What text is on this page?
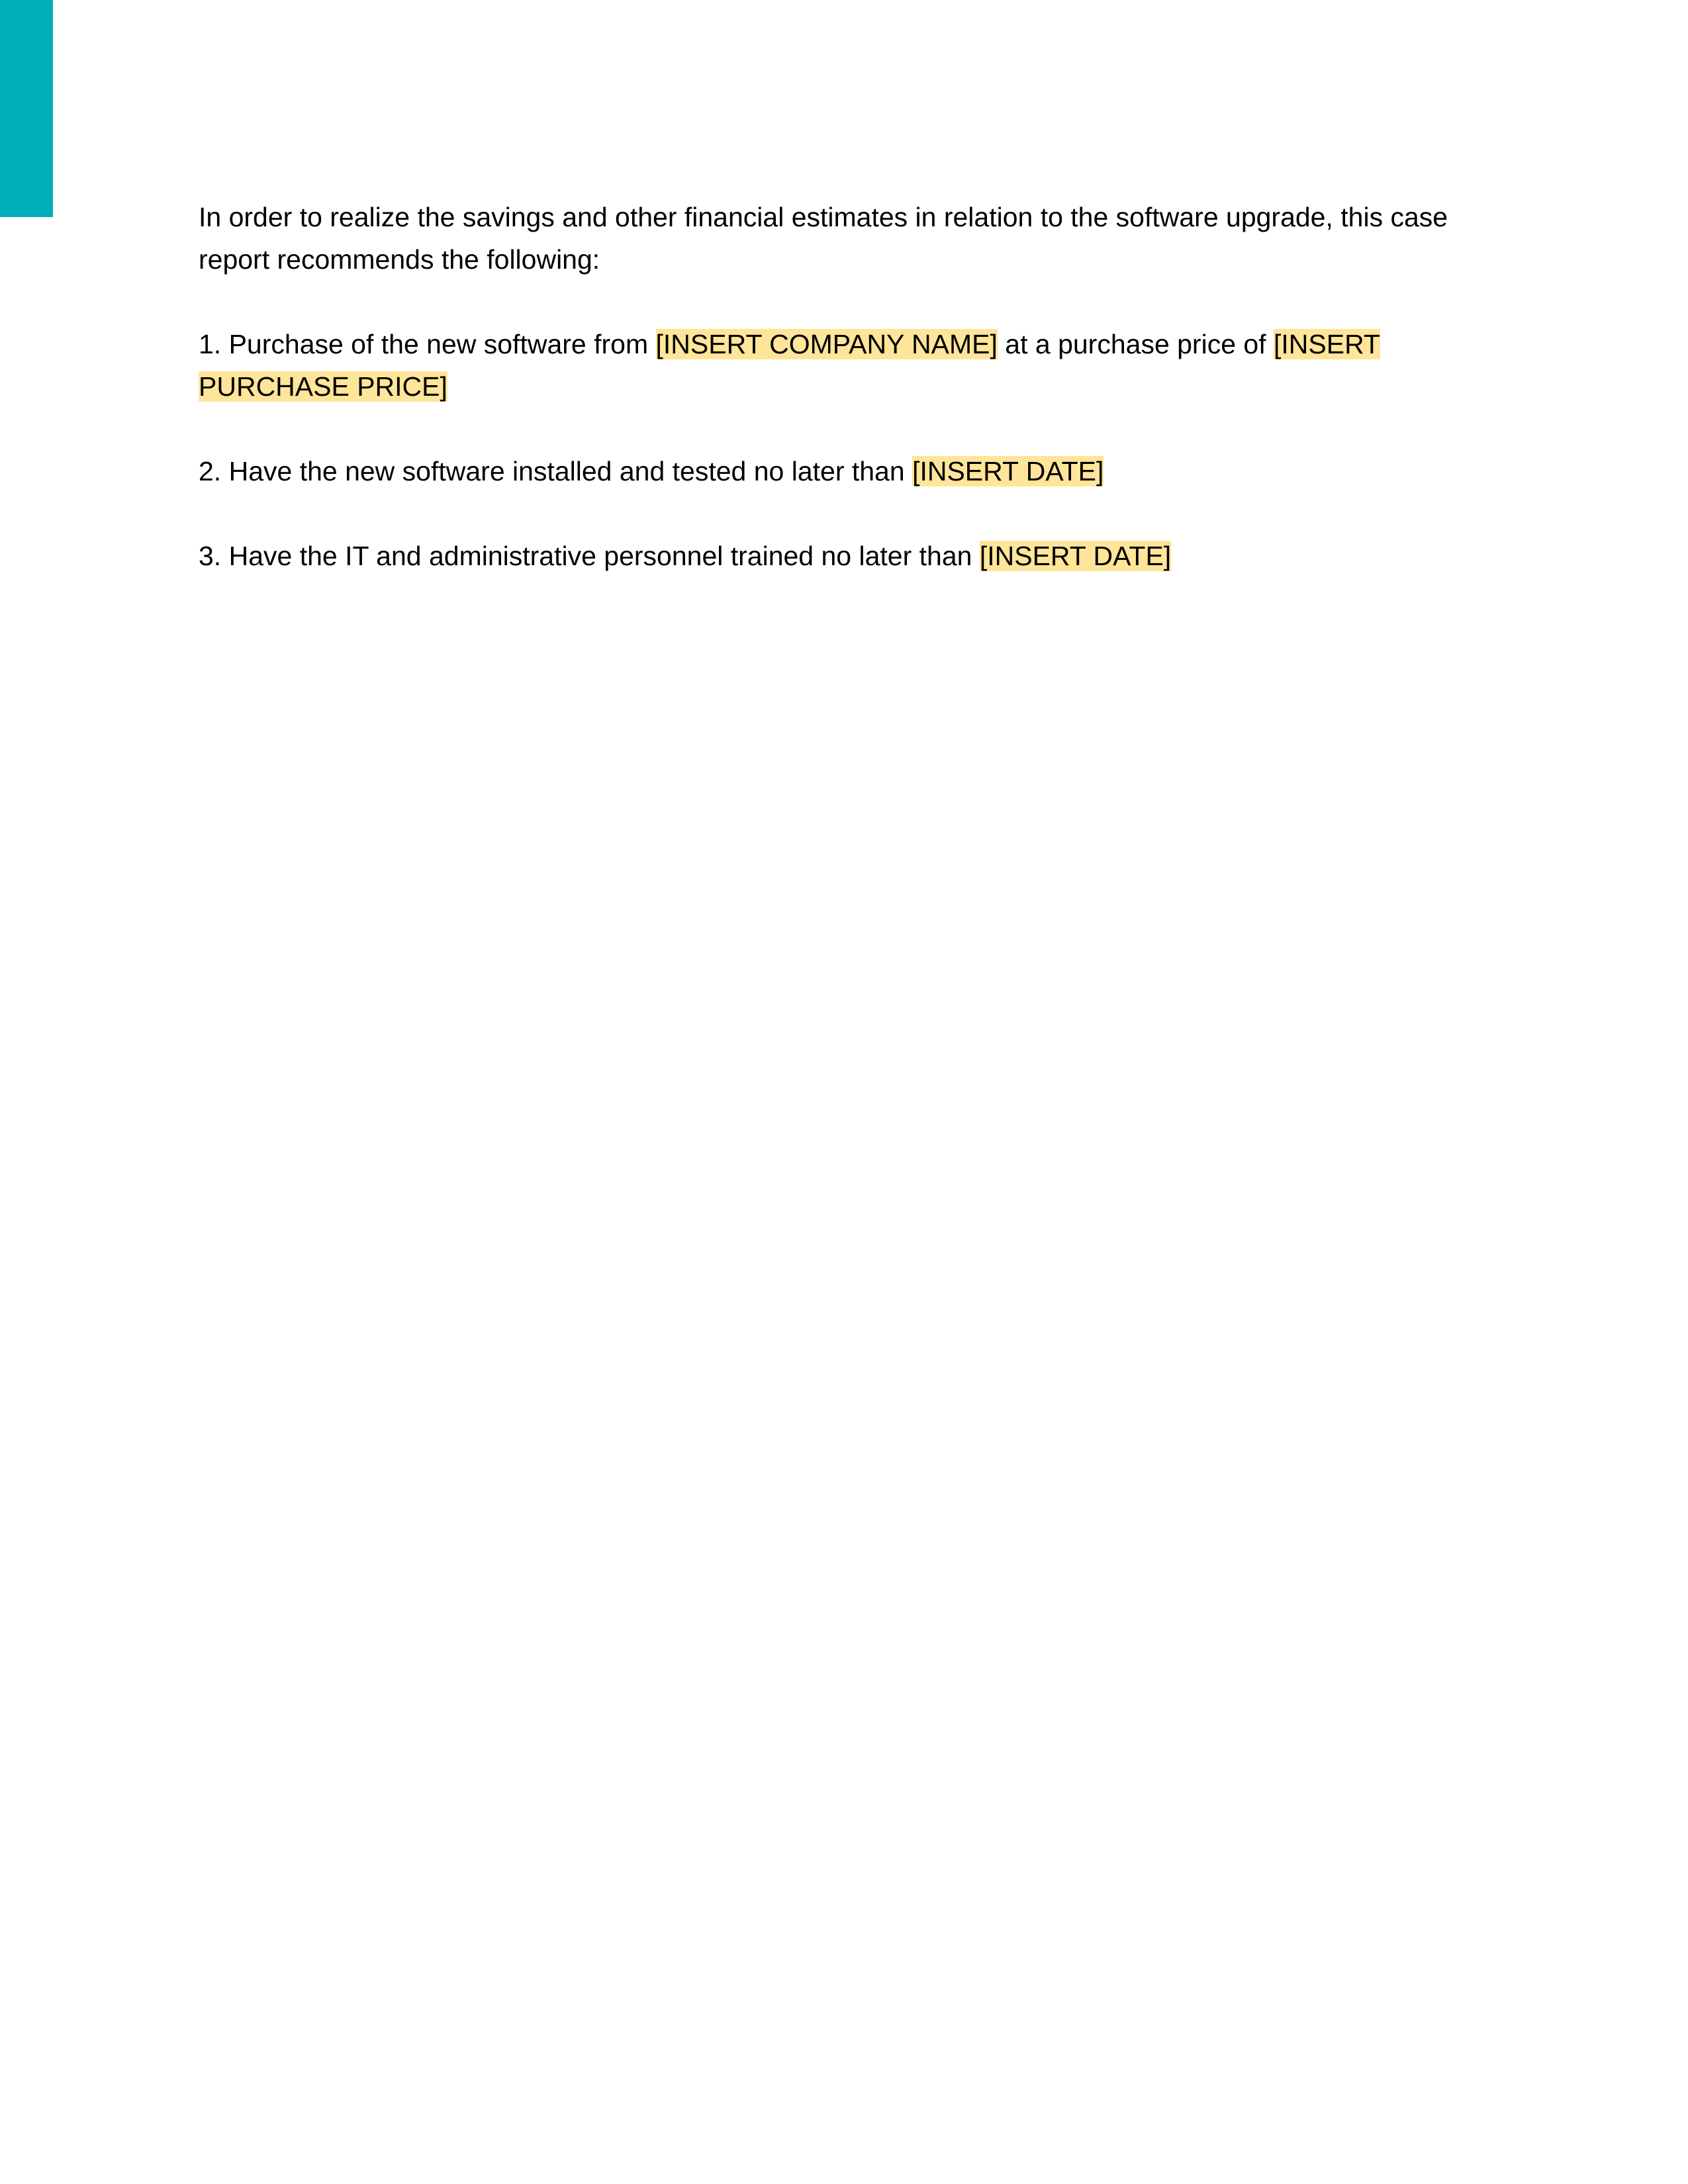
In order to realize the savings and other financial estimates in relation to the software upgrade, this case report recommends the following:

1. Purchase of the new software from [INSERT COMPANY NAME] at a purchase price of [INSERT PURCHASE PRICE]

2. Have the new software installed and tested no later than [INSERT DATE]

3. Have the IT and administrative personnel trained no later than [INSERT DATE]
